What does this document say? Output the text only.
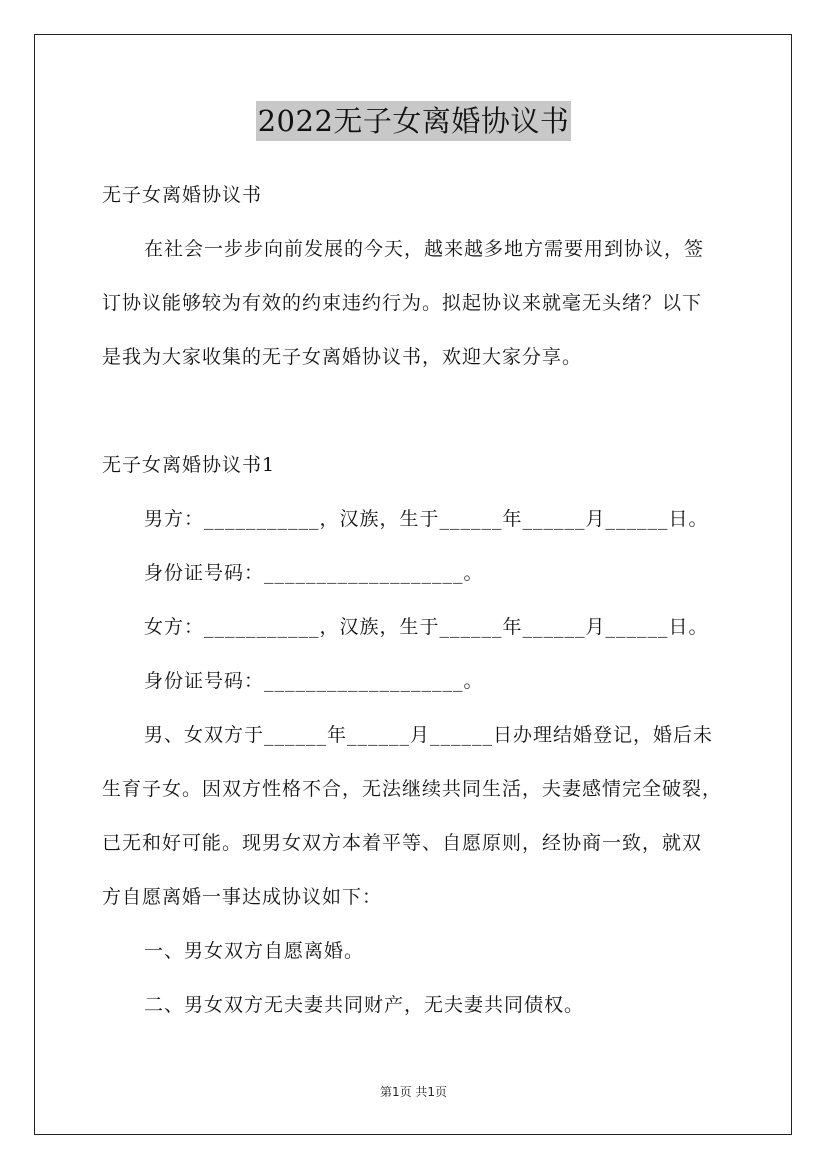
2022无子女离婚协议书
无子女离婚协议书
在社会一步步向前发展的今天，越来越多地方需要用到协议，签
订协议能够较为有效的约束违约行为。拟起协议来就毫无头绪？以下
是我为大家收集的无子女离婚协议书，欢迎大家分享。
无子女离婚协议书1
男方：___________，汉族，生于______年______月______日。
身份证号码：___________________。
女方：___________，汉族，生于______年______月______日。
身份证号码：___________________。
男、女双方于______年______月______日办理结婚登记，婚后未
生育子女。因双方性格不合，无法继续共同生活，夫妻感情完全破裂，
已无和好可能。现男女双方本着平等、自愿原则，经协商一致，就双
方自愿离婚一事达成协议如下：
一、男女双方自愿离婚。
二、男女双方无夫妻共同财产，无夫妻共同债权。
第1页 共1页
